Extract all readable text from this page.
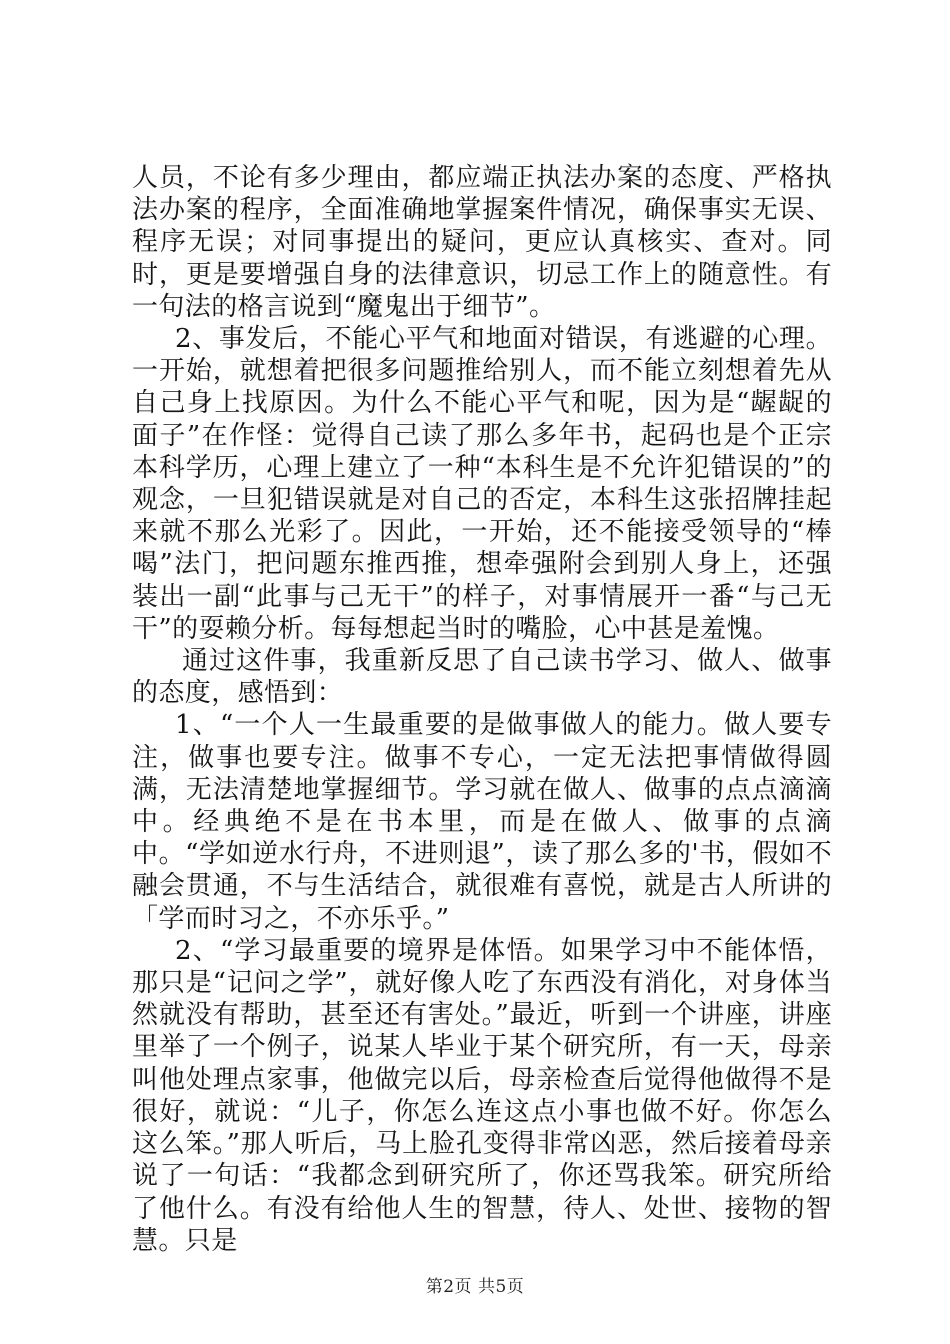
人员，不论有多少理由，都应端正执法办案的态度、严格执法办案的程序，全面准确地掌握案件情况，确保事实无误、程序无误；对同事提出的疑问，更应认真核实、查对。同时，更是要增强自身的法律意识，切忌工作上的随意性。有一句法的格言说到“魔鬼出于细节”。

2、事发后，不能心平气和地面对错误，有逃避的心理。一开始，就想着把很多问题推给别人，而不能立刻想着先从自己身上找原因。为什么不能心平气和呢，因为是“龌龊的面子”在作怪：觉得自己读了那么多年书，起码也是个正宗本科学历，心理上建立了一种“本科生是不允许犯错误的”的观念，一旦犯错误就是对自己的否定，本科生这张招牌挂起来就不那么光彩了。因此，一开始，还不能接受领导的“棒喝”法门，把问题东推西推，想牵强附会到别人身上，还强装出一副“此事与己无干”的样子，对事情展开一番“与己无干”的耍赖分析。每每想起当时的嘴脸，心中甚是羞愧。

通过这件事，我重新反思了自己读书学习、做人、做事的态度，感悟到：

1、“一个人一生最重要的是做事做人的能力。做人要专注，做事也要专注。做事不专心，一定无法把事情做得圆满，无法清楚地掌握细节。学习就在做人、做事的点点滴滴中。经典绝不是在书本里，而是在做人、做事的点滴中。“学如逆水行舟，不进则退”，读了那么多的'书，假如不融会贯通，不与生活结合，就很难有喜悦，就是古人所讲的「学而时习之，不亦乐乎。”

2、“学习最重要的境界是体悟。如果学习中不能体悟，那只是“记问之学”，就好像人吃了东西没有消化，对身体当然就没有帮助，甚至还有害处。”最近，听到一个讲座，讲座里举了一个例子，说某人毕业于某个研究所，有一天，母亲叫他处理点家事，他做完以后，母亲检查后觉得他做得不是很好，就说：“儿子，你怎么连这点小事也做不好。你怎么这么笨。”那人听后，马上脸孔变得非常凶恶，然后接着母亲说了一句话：“我都念到研究所了，你还骂我笨。研究所给了他什么。有没有给他人生的智慧，待人、处世、接物的智慧。只是

第2页 共5页
